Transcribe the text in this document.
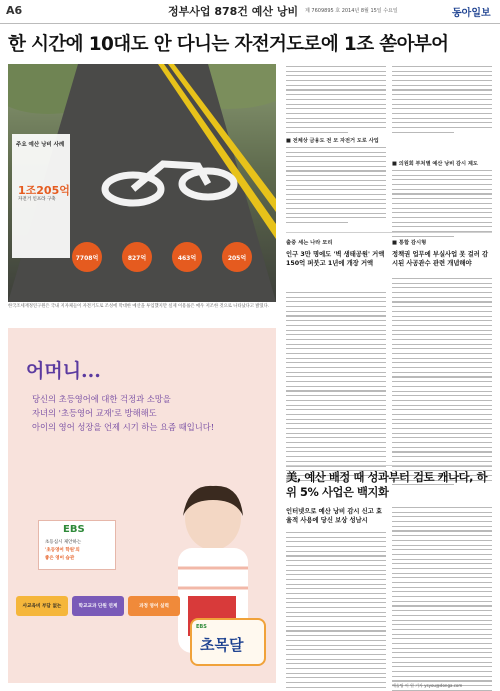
A6	정부사업 878건 예산 낭비 제 7609895 호 2014년 8월 15일 수요일	동아일보
한 시간에 10대도 안 다니는 자전거도로에 1조 쏟아부어
주요 예산 낭비 사례
1조205억
자전거 인프라 구축
7708억	827억	463억	205억
한국조세재정연구원은 국내 지자체들이 자전거도로 조성에 막대한 예산을 투입했지만 실제 이용률은 매우 저조한 것으로 나타났다고 밝혔다.
■ 전체상 금융도 전 모 자전거 도로 사업
■ 의원회 부처별 예산 낭비 감시 제도
출중 세는 나라 모리
인구 3만 명에도 '벽 생태공원' 거액 150억 퍼붓고 1년에 개장 거액
■ 통합 감시형
정책권 업무에 부실사업 못 걸러 감시된 사공관수 관련 개념해야
어머니...
당신의 초등영어에 대한 걱정과 소망을
자녀의 '초등영어 교재'로 방해해도
아이의 영어 성장을 언제 시기 하는 요즘 때입니다!
EBS
초등십시 제안하는
'초등영어 학원'의
좋은 영어 습관
EBS
초목달
사교육비 부담 없는	학교교과 단원 연계	과정 영어 실력
美, 예산 배정 때 성과부터 검토 캐나다, 하위 5% 사업은 백지화
인터넷으로 예산 낭비 감시 신고 효율적 사용에 당신 보상 성남시
예술팀 이 원 기자 ysyou@donga.com
